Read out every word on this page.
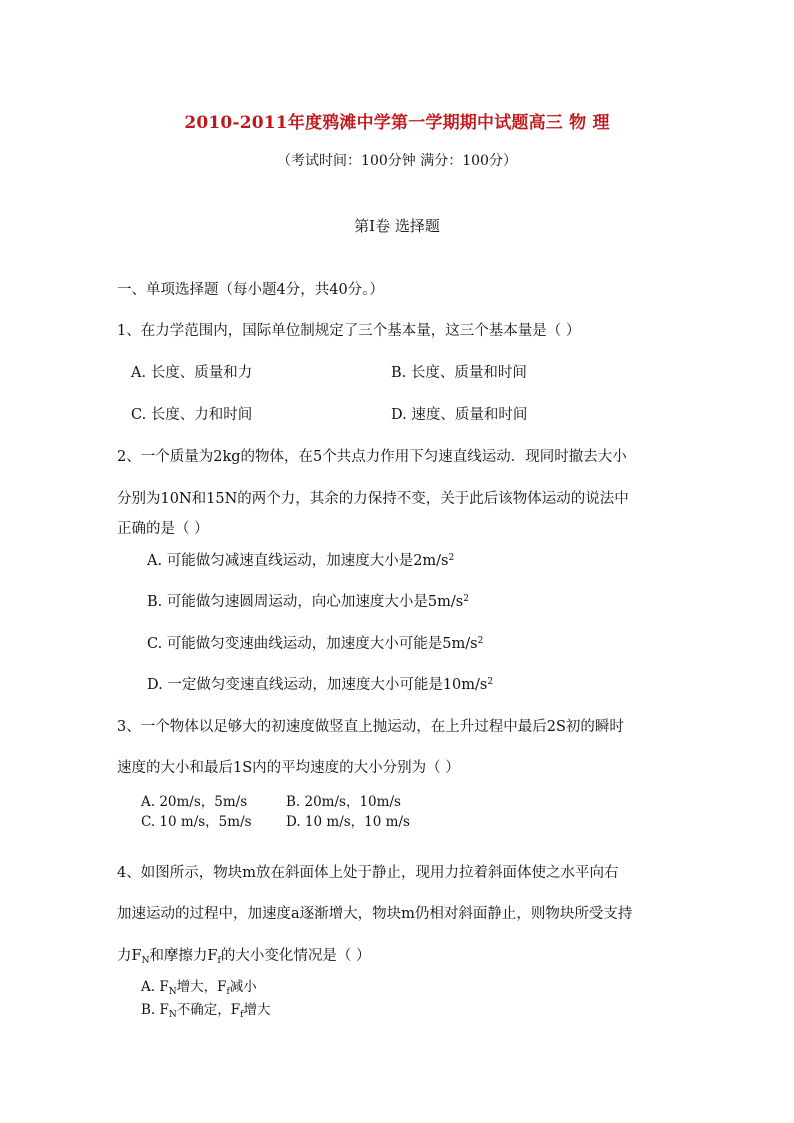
2010-2011年度鸦滩中学第一学期期中试题高三 物 理
（考试时间：100分钟 满分：100分）
第Ⅰ卷 选择题
一、单项选择题（每小题4分，共40分。）
1、在力学范围内，国际单位制规定了三个基本量，这三个基本量是（ ）
A. 长度、质量和力	B. 长度、质量和时间
C. 长度、力和时间	D. 速度、质量和时间
2、一个质量为2kg的物体，在5个共点力作用下匀速直线运动．现同时撤去大小
分别为10N和15N的两个力，其余的力保持不变，关于此后该物体运动的说法中
正确的是（ ）
A. 可能做匀减速直线运动，加速度大小是$2m/s^2$
B. 可能做匀速圆周运动，向心加速度大小是$5m/s^2$
C. 可能做匀变速曲线运动，加速度大小可能是$5m/s^2$
D. 一定做匀变速直线运动，加速度大小可能是$10m/s^2$
3、一个物体以足够大的初速度做竖直上抛运动，在上升过程中最后2S初的瞬时
速度的大小和最后1S内的平均速度的大小分别为（ ）
A. 20m/s，5m/s	B. 20m/s，10m/s
C. 10 m/s，5m/s	D. 10 m/s，10 m/s
4、如图所示，物块m放在斜面体上处于静止，现用力拉着斜面体使之水平向右
加速运动的过程中，加速度a逐渐增大，物块m仍相对斜面静止，则物块所受支持
力$F_N$和摩擦力$F_f$的大小变化情况是（ ）
A. $F_N$增大，$F_f$减小
B. $F_N$不确定，$F_f$增大
